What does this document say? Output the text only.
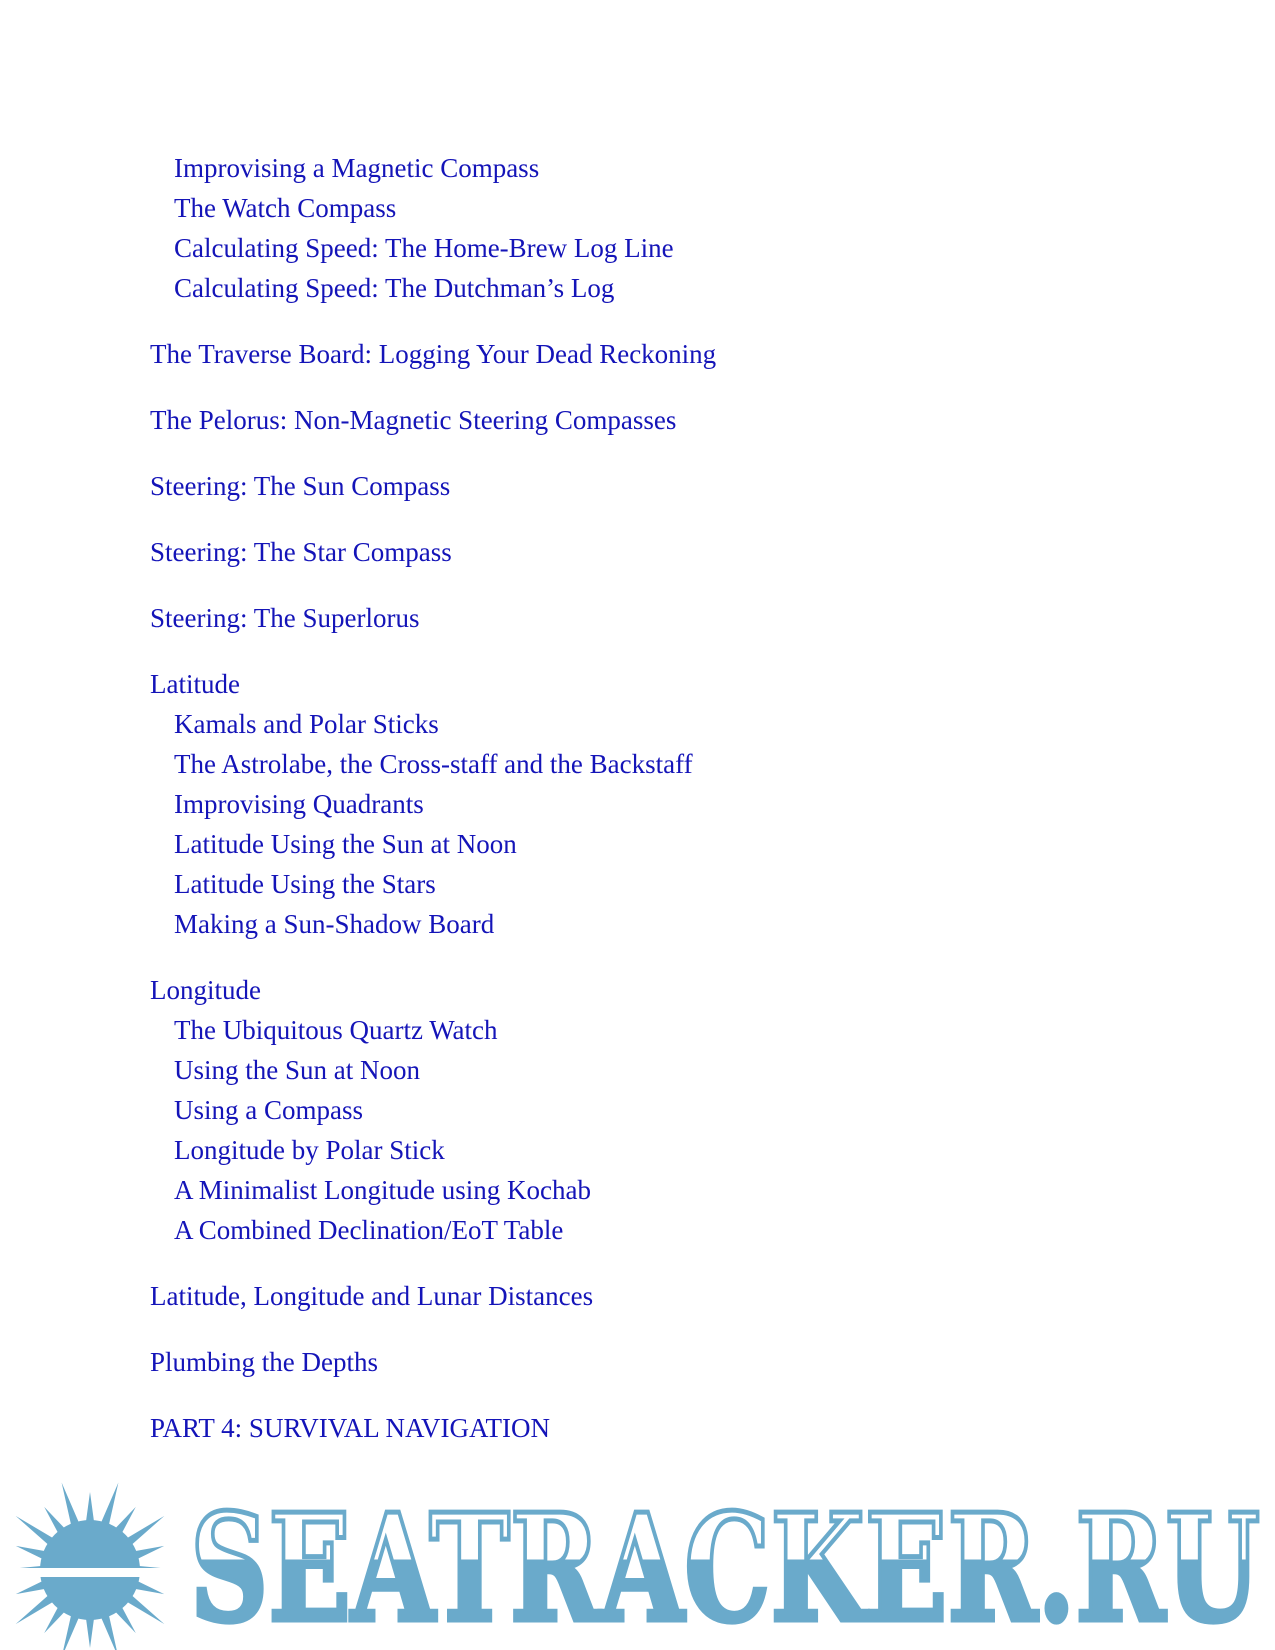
Improvising a Magnetic Compass
The Watch Compass
Calculating Speed: The Home-Brew Log Line
Calculating Speed: The Dutchman’s Log
The Traverse Board: Logging Your Dead Reckoning
The Pelorus: Non-Magnetic Steering Compasses
Steering: The Sun Compass
Steering: The Star Compass
Steering: The Superlorus
Latitude
Kamals and Polar Sticks
The Astrolabe, the Cross-staff and the Backstaff
Improvising Quadrants
Latitude Using the Sun at Noon
Latitude Using the Stars
Making a Sun-Shadow Board
Longitude
The Ubiquitous Quartz Watch
Using the Sun at Noon
Using a Compass
Longitude by Polar Stick
A Minimalist Longitude using Kochab
A Combined Declination/EoT Table
Latitude, Longitude and Lunar Distances
Plumbing the Depths
PART 4: SURVIVAL NAVIGATION
SEATRACKER.RU
